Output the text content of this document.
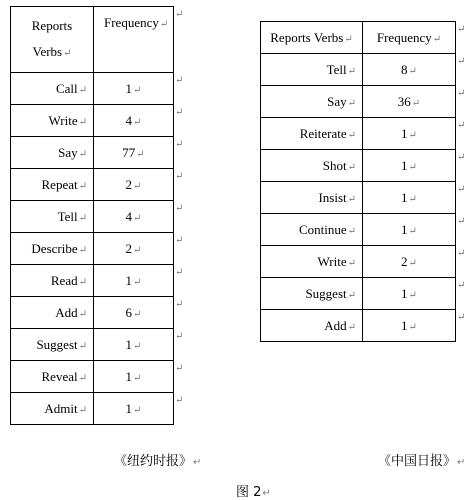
Reports
Verbs↵	Frequency↵
Call↵	1↵
Write↵	4↵
Say↵	77↵
Repeat↵	2↵
Tell↵	4↵
Describe↵	2↵
Read↵	1↵
Add↵	6↵
Suggest↵	1↵
Reveal↵	1↵
Admit↵	1↵
Reports Verbs↵	Frequency↵
Tell↵	8↵
Say↵	36↵
Reiterate↵	1↵
Shot↵	1↵
Insist↵	1↵
Continue↵	1↵
Write↵	2↵
Suggest↵	1↵
Add↵	1↵
↵
↵
↵
↵
↵
↵
↵
↵
↵
↵
↵
↵
↵
↵
↵
↵
↵
↵
↵
↵
↵
↵
《纽约时报》↵	《中国日报》↵
图 2↵
